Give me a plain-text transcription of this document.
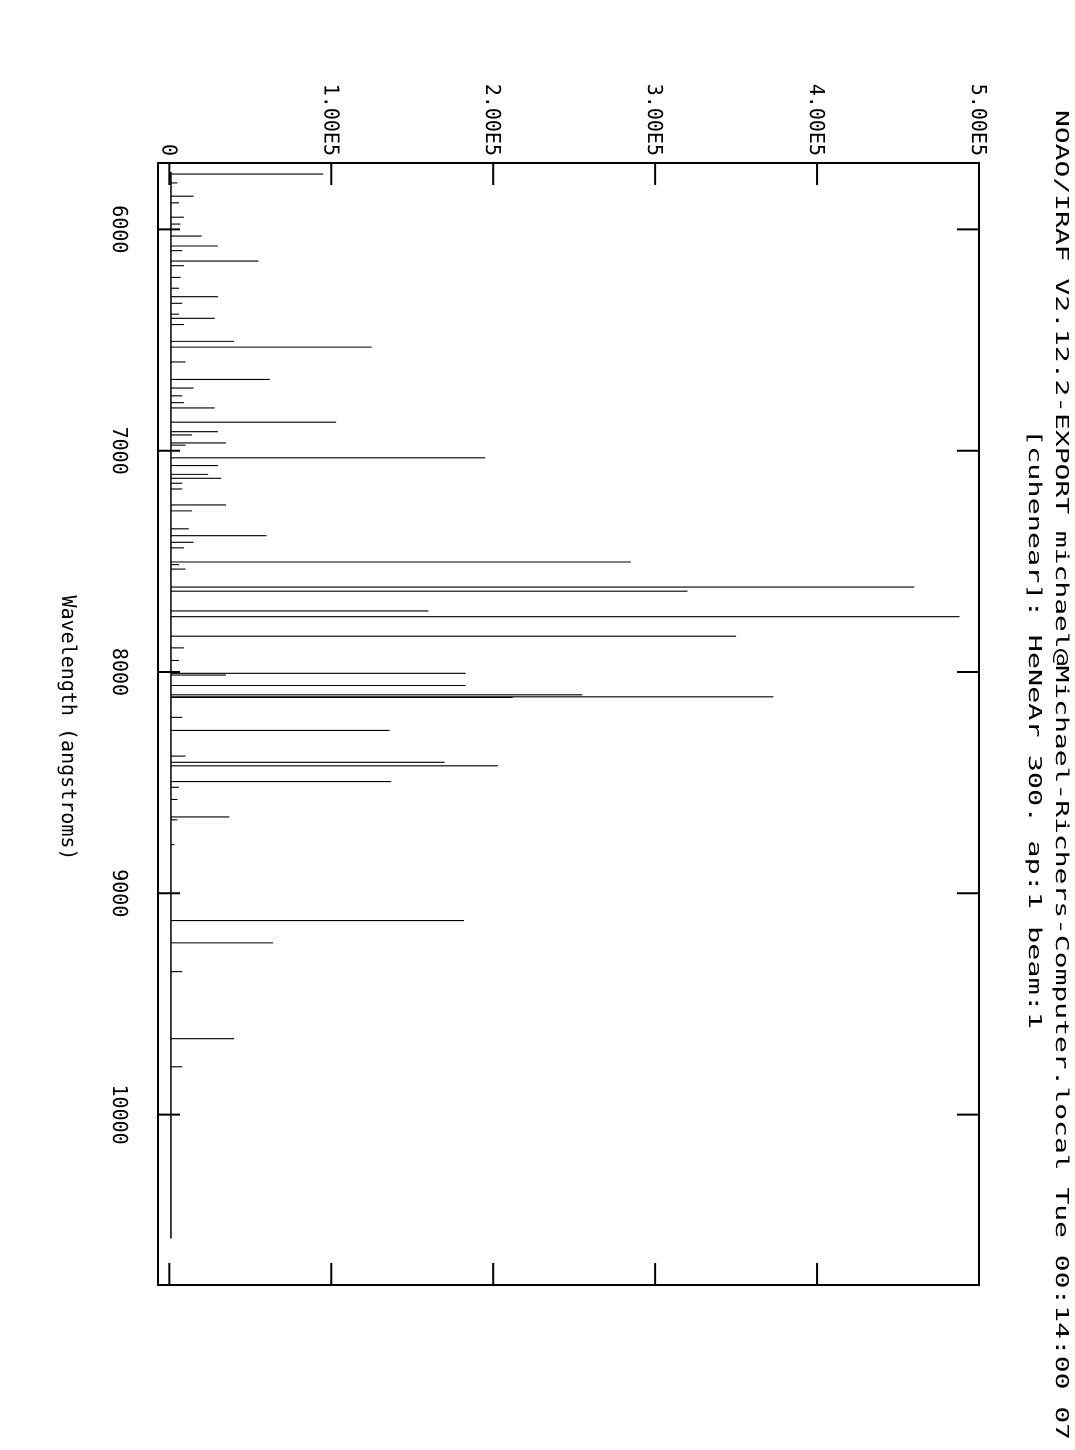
NOAO/IRAF V2.12.2-EXPORT michael@Michael-Richers-Computer.local Tue 00:14:00 07
[cuhenear]: HeNeAr 300. ap:1 beam:1
0	1.00E5	2.00E5	3.00E5	4.00E5	5.00E5
6000
7000
8000
9000
10000
Wavelength (angstroms)
